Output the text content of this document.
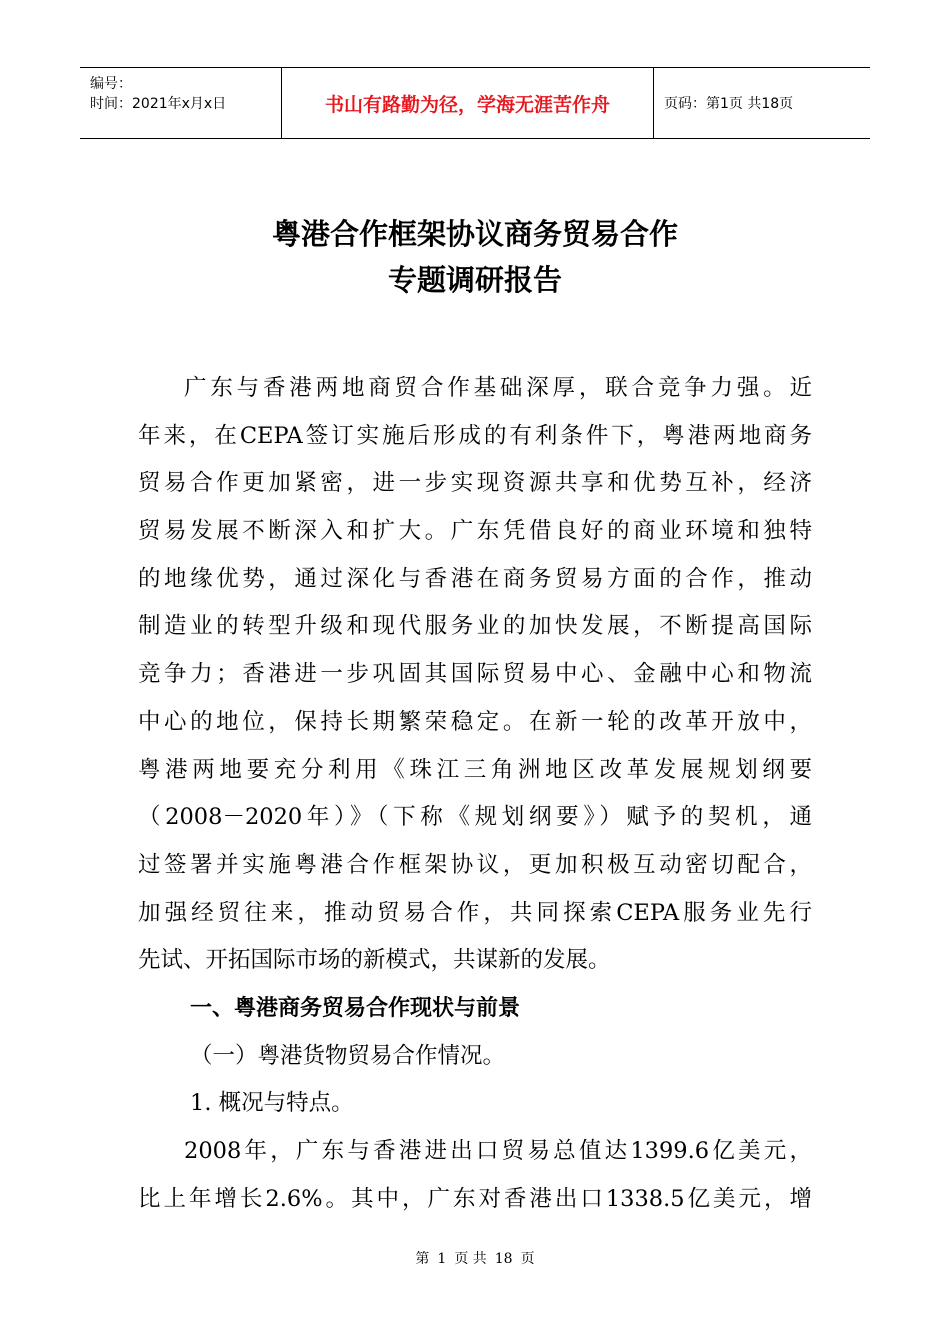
编号：
时间：2021年x月x日	书山有路勤为径，学海无涯苦作舟	页码：第1页 共18页
粤港合作框架协议商务贸易合作
专题调研报告
广东与香港两地商贸合作基础深厚，联合竞争力强。近
年来，在CEPA签订实施后形成的有利条件下，粤港两地商务
贸易合作更加紧密，进一步实现资源共享和优势互补，经济
贸易发展不断深入和扩大。广东凭借良好的商业环境和独特
的地缘优势，通过深化与香港在商务贸易方面的合作，推动
制造业的转型升级和现代服务业的加快发展，不断提高国际
竞争力；香港进一步巩固其国际贸易中心、金融中心和物流
中心的地位，保持长期繁荣稳定。在新一轮的改革开放中，
粤港两地要充分利用《珠江三角洲地区改革发展规划纲要
（2008－2020年）》（下称《规划纲要》）赋予的契机，通
过签署并实施粤港合作框架协议，更加积极互动密切配合，
加强经贸往来，推动贸易合作，共同探索CEPA服务业先行
先试、开拓国际市场的新模式，共谋新的发展。
一、粤港商务贸易合作现状与前景
（一）粤港货物贸易合作情况。
1. 概况与特点。
2008年，广东与香港进出口贸易总值达1399.6亿美元，
比上年增长2.6%。其中，广东对香港出口1338.5亿美元，增
第 1 页 共 18 页
